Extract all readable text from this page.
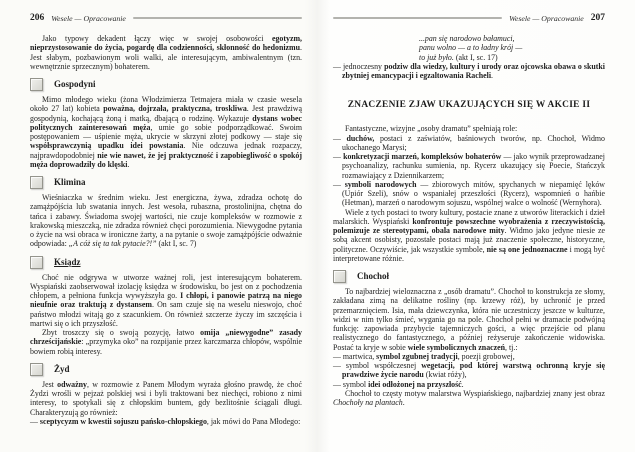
206 Wesele — Opracowanie
Jako typowy dekadent łączy więc w swojej osobowości egotyzm, nieprzystosowanie do życia, pogardę dla codzienności, skłonność do hedonizmu. Jest słabym, pozbawionym woli walki, ale interesującym, ambiwalentnym (tzn. wewnętrznie sprzecznym) bohaterem.
Gospodyni
Mimo młodego wieku (żona Włodzimierza Tetmajera miała w czasie wesela około 27 lat) kobieta poważna, dojrzała, praktyczna, troskliwa. Jest prawdziwą gospodynią, kochającą żoną i matką, dbającą o rodzinę. Wykazuje dystans wobec politycznych zainteresowań męża, umie go sobie podporządkować. Swoim postępowaniem — uśpienie męża, ukrycie w skrzyni złotej podkowy — staje się współsprawczynią upadku idei powstania. Nie odczuwa jednak rozpaczy, najprawdopodobniej nie wie nawet, że jej praktyczność i zapobiegliwość o spokój męża doprowadziły do klęski.
Klimina
Wieśniaczka w średnim wieku. Jest energiczna, żywa, zdradza ochotę do zamążpójścia lub swatania innych. Jest wesoła, rubaszna, prostolinijna, chętna do tańca i zabawy. Świadoma swojej wartości, nie czuje kompleksów w rozmowie z krakowską mieszczką, nie zdradza również chęci porozumienia. Niewygodne pytania o życie na wsi obraca w ironiczne żarty, a na pytanie o swoje zamążpójście odważnie odpowiada: „A cóż się ta tak pytacie?!” (akt I, sc. 7)
Ksiądz
Choć nie odgrywa w utworze ważnej roli, jest interesującym bohaterem. Wyspiański zaobserwował izolację księdza w środowisku, bo jest on z pochodzenia chłopem, a pełniona funkcja wywyższyła go. I chłopi, i panowie patrzą na niego nieufnie oraz traktują z dystansem. On sam czuje się na weselu nieswojo, choć państwo młodzi witają go z szacunkiem. On również szczerze życzy im szczęścia i martwi się o ich przyszłość.
Zbyt troszczy się o swoją pozycję, łatwo omija „niewygodne” zasady chrześcijańskie: „przymyka oko” na rozpijanie przez karczmarza chłopów, wspólnie bowiem robią interesy.
Żyd
Jest odważny, w rozmowie z Panem Młodym wyraża głośno prawdę, że choć Żydzi wrośli w pejzaż polskiej wsi i byli traktowani bez niechęci, robiono z nimi interesy, to spotykali się z chłopskim buntem, gdy bezlitośnie ściągali długi. Charakteryzują go również:
— sceptycyzm w kwestii sojuszu pańsko-chłopskiego, jak mówi do Pana Młodego:
Wesele — Opracowanie 207
...pan się narodowo bałamuci,
panu wolno — a to ładny krój —
to już było. (akt I, sc. 17)
— jednoczesny podziw dla wiedzy, kultury i urody oraz ojcowska obawa o skutki zbytniej emancypacji i egzaltowania Racheli.
ZNACZENIE ZJAW UKAZUJĄCYCH SIĘ W AKCIE II
Fantastyczne, wizyjne „osoby dramatu” spełniają role:
— duchów, postaci z zaświatów, baśniowych tworów, np. Chochoł, Widmo ukochanego Marysi;
— konkretyzacji marzeń, kompleksów bohaterów — jako wynik przeprowadzanej psychoanalizy, rachunku sumienia, np. Rycerz ukazujący się Poecie, Stańczyk rozmawiający z Dziennikarzem;
— symboli narodowych — zbiorowych mitów, spychanych w niepamięć lęków (Upiór Szeli), snów o wspaniałej przeszłości (Rycerz), wspomnień o hańbie (Hetman), marzeń o narodowym sojuszu, wspólnej walce o wolność (Wernyhora).
Wiele z tych postaci to twory kultury, postacie znane z utworów literackich i dzieł malarskich. Wyspiański konfrontuje powszechne wyobrażenia z rzeczywistością, polemizuje ze stereotypami, obala narodowe mity. Widmo jako jedyne niesie ze sobą akcent osobisty, pozostałe postaci mają już znaczenie społeczne, historyczne, polityczne. Oczywiście, jak wszystkie symbole, nie są one jednoznaczne i mogą być interpretowane różnie.
Chochoł
To najbardziej wieloznaczna z „osób dramatu”. Chochoł to konstrukcja ze słomy, zakładana zimą na delikatne rośliny (np. krzewy róż), by uchronić je przed przemarznięciem. Isia, mała dziewczynka, która nie uczestniczy jeszcze w kulturze, widzi w nim tylko śmieć, wygania go na pole. Chochoł pełni w dramacie podwójną funkcję: zapowiada przybycie tajemniczych gości, a więc przejście od planu realistycznego do fantastycznego, a później reżyseruje zakończenie widowiska. Postać ta kryje w sobie wiele symbolicznych znaczeń, tj.:
— martwica, symbol zgubnej tradycji, poezji grobowej,
— symbol współczesnej wegetacji, pod której warstwą ochronną kryje się prawdziwe życie narodu (kwiat róży),
— symbol idei odłożonej na przyszłość.
Chochoł to częsty motyw malarstwa Wyspiańskiego, najbardziej znany jest obraz Chochoły na plantach.
